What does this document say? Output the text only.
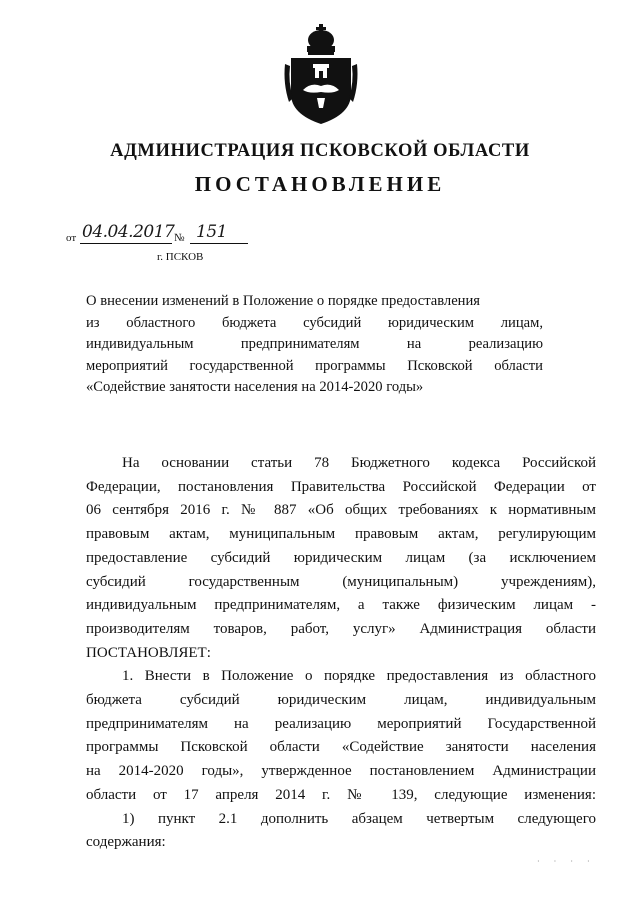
АДМИНИСТРАЦИЯ ПСКОВСКОЙ ОБЛАСТИ
ПОСТАНОВЛЕНИЕ
от 04.04.2017 № 151
г. ПСКОВ
О внесении изменений в Положение о порядке предоставления
из областного бюджета субсидий юридическим лицам,
индивидуальным предпринимателям на реализацию
мероприятий государственной программы Псковской области
«Содействие занятости населения на 2014-2020 годы»
На основании статьи 78 Бюджетного кодекса Российской
Федерации, постановления Правительства Российской Федерации от
06 сентября 2016 г. № 887 «Об общих требованиях к нормативным
правовым актам, муниципальным правовым актам, регулирующим
предоставление субсидий юридическим лицам (за исключением
субсидий государственным (муниципальным) учреждениям),
индивидуальным предпринимателям, а также физическим лицам -
производителям товаров, работ, услуг» Администрация области
ПОСТАНОВЛЯЕТ:
1. Внести в Положение о порядке предоставления из областного
бюджета субсидий юридическим лицам, индивидуальным
предпринимателям на реализацию мероприятий Государственной
программы Псковской области «Содействие занятости населения
на 2014-2020 годы», утвержденное постановлением Администрации
области от 17 апреля 2014 г. № 139, следующие изменения:
1) пункт 2.1 дополнить абзацем четвертым следующего
содержания:
· · · ·
